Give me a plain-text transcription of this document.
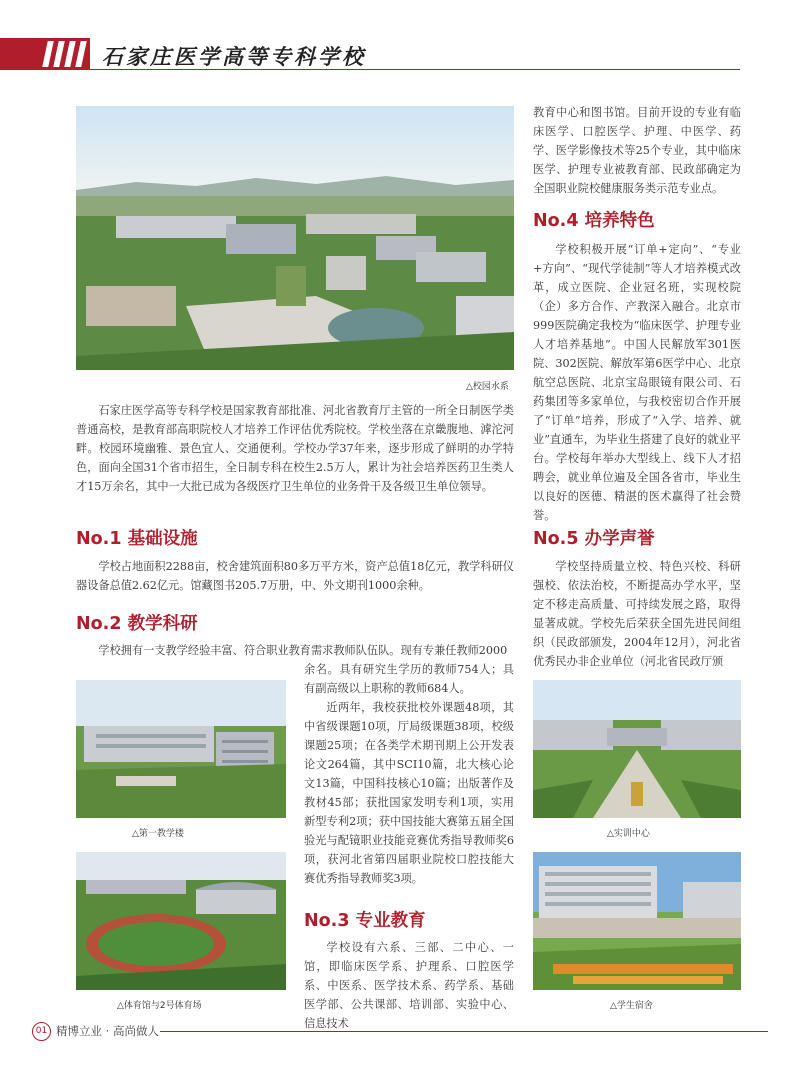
石家庄医学高等专科学校
△校园水系

石家庄医学高等专科学校是国家教育部批准、河北省教育厅主管的一所全日制医学类普通高校，是教育部高职院校人才培养工作评估优秀院校。学校坐落在京畿腹地、滹沱河畔。校园环境幽雅、景色宜人、交通便利。学校办学37年来，逐步形成了鲜明的办学特色，面向全国31个省市招生，全日制专科在校生2.5万人，累计为社会培养医药卫生类人才15万余名，其中一大批已成为各级医疗卫生单位的业务骨干及各级卫生单位领导。

No.1 基础设施

学校占地面积2288亩，校舍建筑面积80多万平方米，资产总值18亿元，教学科研仪器设备总值2.62亿元。馆藏图书205.7万册，中、外文期刊1000余种。

No.2 教学科研

学校拥有一支教学经验丰富、符合职业教育需求教师队伍队。现有专兼任教师2000

余名。具有研究生学历的教师754人；具有副高级以上职称的教师684人。

近两年，我校获批校外课题48项，其中省级课题10项，厅局级课题38项，校级课题25项；在各类学术期刊期上公开发表论文264篇，其中SCI10篇，北大核心论文13篇，中国科技核心10篇；出版著作及教材45部；获批国家发明专利1项，实用新型专利2项；获中国技能大赛第五届全国验光与配镜职业技能竞赛优秀指导教师奖6项，获河北省第四届职业院校口腔技能大赛优秀指导教师奖3项。

△第一教学楼
△体育馆与2号体育场
No.3 专业教育

学校设有六系、三部、二中心、一馆，即临床医学系、护理系、口腔医学系、中医系、医学技术系、药学系、基础医学部、公共课部、培训部、实验中心、信息技术

教育中心和图书馆。目前开设的专业有临床医学、口腔医学、护理、中医学、药学、医学影像技术等25个专业，其中临床医学、护理专业被教育部、民政部确定为全国职业院校健康服务类示范专业点。
No.4 培养特色

学校积极开展“订单+定向”、“专业+方向”、“现代学徒制”等人才培养模式改革，成立医院、企业冠名班，实现校院（企）多方合作、产教深入融合。北京市999医院确定我校为“临床医学、护理专业人才培养基地”。中国人民解放军301医院、302医院、解放军第6医学中心、北京航空总医院、北京宝岛眼镜有限公司、石药集团等多家单位，与我校密切合作开展了“订单”培养，形成了“入学、培养、就业”直通车，为毕业生搭建了良好的就业平台。学校每年举办大型线上、线下人才招聘会，就业单位遍及全国各省市，毕业生以良好的医德、精湛的医术赢得了社会赞誉。

No.5 办学声誉

学校坚持质量立校、特色兴校、科研强校、依法治校，不断提高办学水平，坚定不移走高质量、可持续发展之路，取得显著成就。学校先后荣获全国先进民间组织（民政部颁发，2004年12月），河北省优秀民办非企业单位（河北省民政厅颁

△实训中心
△学生宿舍
01 精博立业 · 高尚做人
